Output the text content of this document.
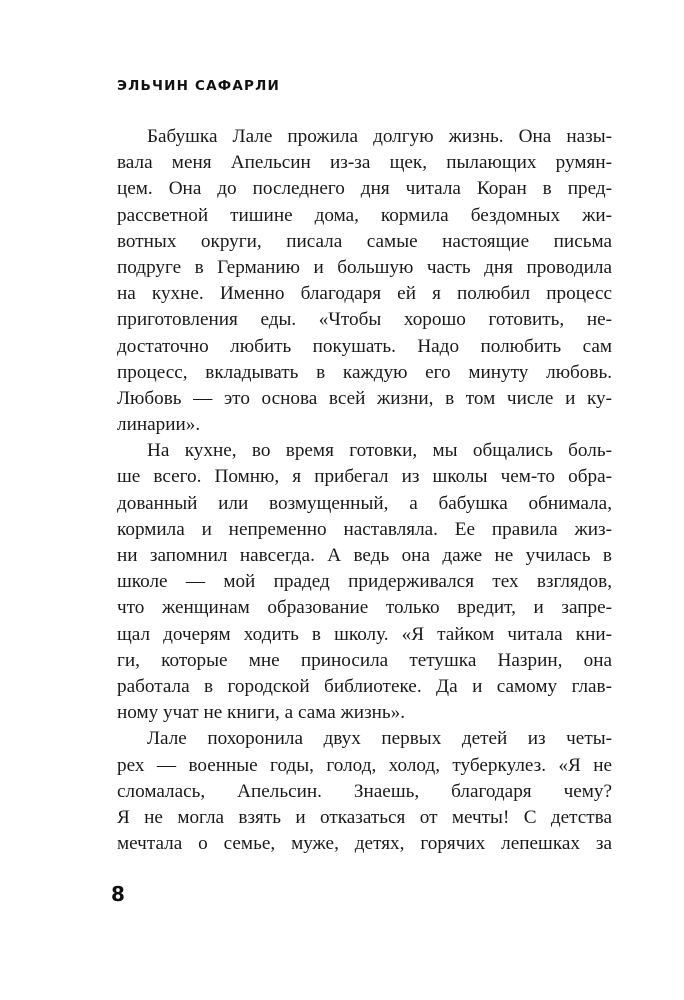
ЭЛЬЧИН САФАРЛИ
Бабушка Лале прожила долгую жизнь. Она назы-
вала меня Апельсин из-за щек, пылающих румян-
цем. Она до последнего дня читала Коран в пред-
рассветной тишине дома, кормила бездомных жи-
вотных округи, писала самые настоящие письма
подруге в Германию и большую часть дня проводила
на кухне. Именно благодаря ей я полюбил процесс
приготовления еды. «Чтобы хорошо готовить, не-
достаточно любить покушать. Надо полюбить сам
процесс, вкладывать в каждую его минуту любовь.
Любовь — это основа всей жизни, в том числе и ку-
линарии».
На кухне, во время готовки, мы общались боль-
ше всего. Помню, я прибегал из школы чем-то обра-
дованный или возмущенный, а бабушка обнимала,
кормила и непременно наставляла. Ее правила жиз-
ни запомнил навсегда. А ведь она даже не училась в
школе — мой прадед придерживался тех взглядов,
что женщинам образование только вредит, и запре-
щал дочерям ходить в школу. «Я тайком читала кни-
ги, которые мне приносила тетушка Назрин, она
работала в городской библиотеке. Да и самому глав-
ному учат не книги, а сама жизнь».
Лале похоронила двух первых детей из четы-
рех — военные годы, голод, холод, туберкулез. «Я не
сломалась, Апельсин. Знаешь, благодаря чему?
Я не могла взять и отказаться от мечты! С детства
мечтала о семье, муже, детях, горячих лепешках за
8
